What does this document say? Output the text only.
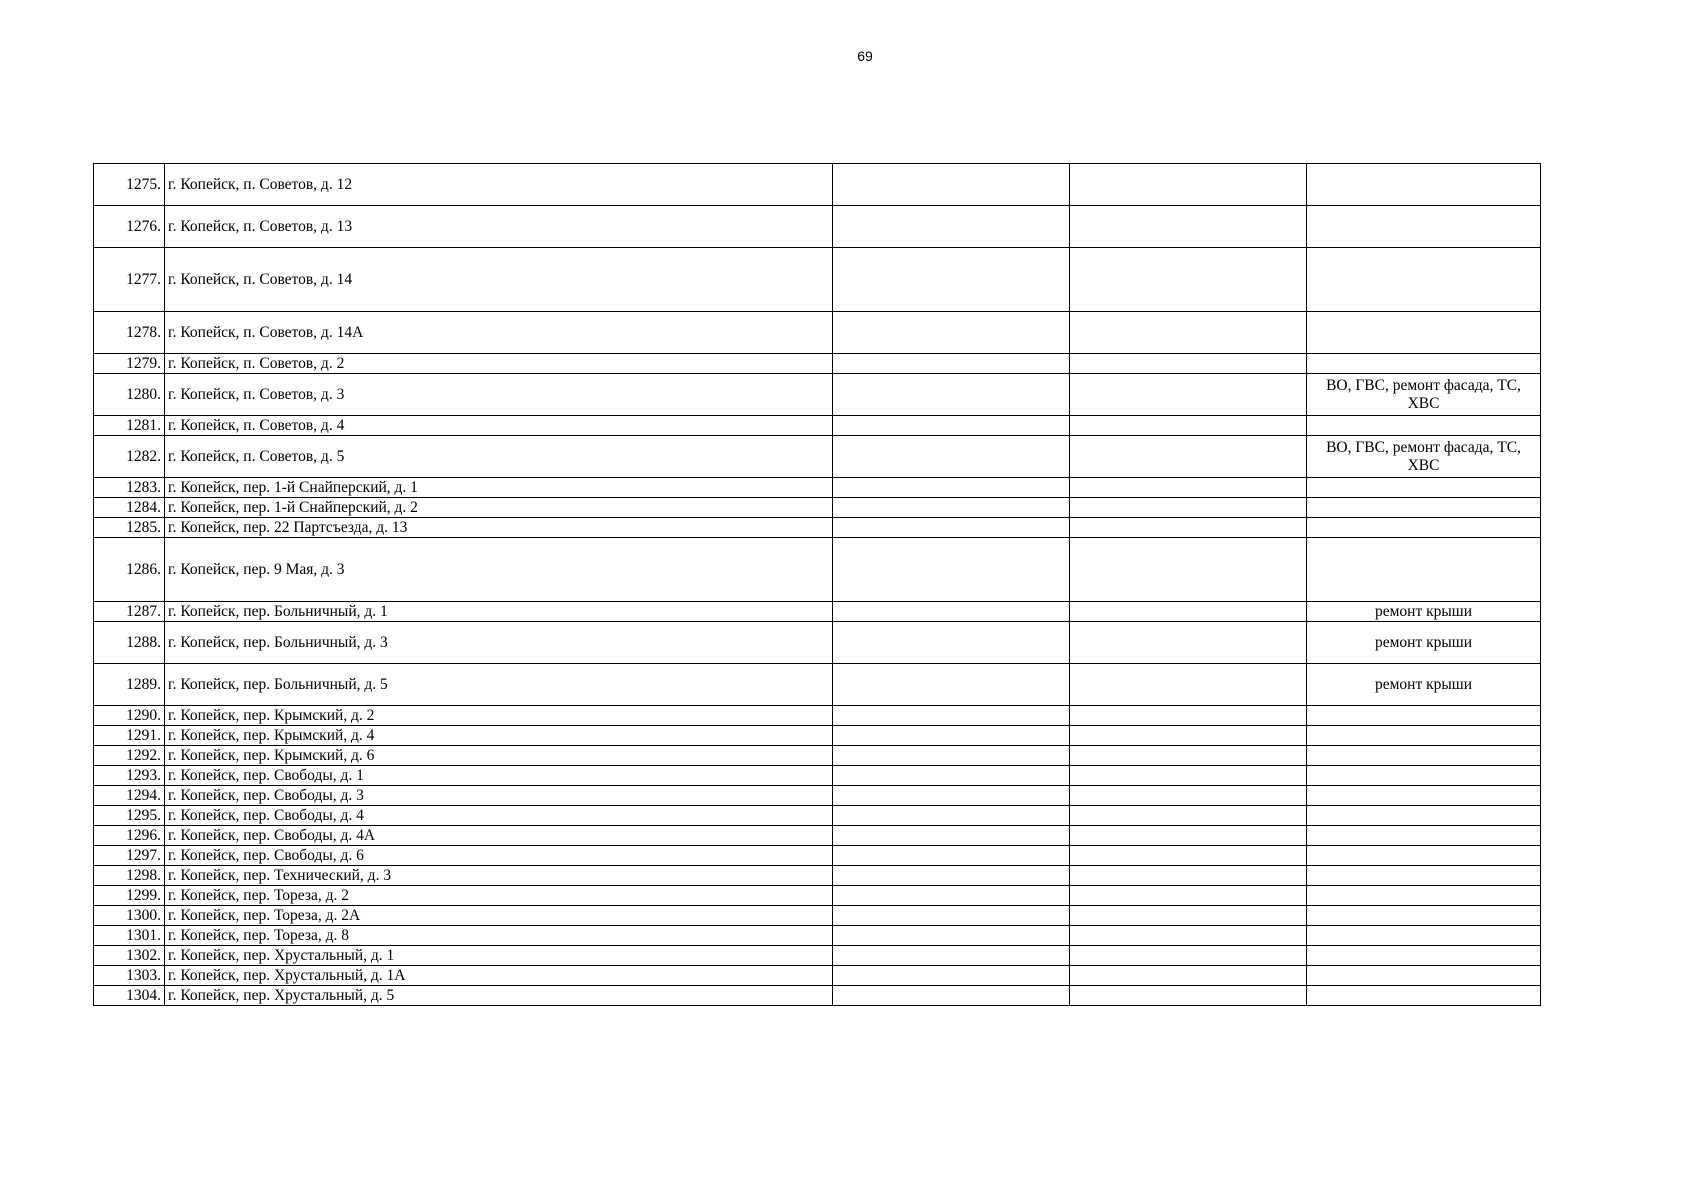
69
1275.	г. Копейск, п. Советов, д. 12			
1276.	г. Копейск, п. Советов, д. 13			
1277.	г. Копейск, п. Советов, д. 14			
1278.	г. Копейск, п. Советов, д. 14А			
1279.	г. Копейск, п. Советов, д. 2			
1280.	г. Копейск, п. Советов, д. 3			ВО, ГВС, ремонт фасада, ТС, ХВС
1281.	г. Копейск, п. Советов, д. 4			
1282.	г. Копейск, п. Советов, д. 5			ВО, ГВС, ремонт фасада, ТС, ХВС
1283.	г. Копейск, пер. 1-й Снайперский, д. 1			
1284.	г. Копейск, пер. 1-й Снайперский, д. 2			
1285.	г. Копейск, пер. 22 Партсъезда, д. 13			
1286.	г. Копейск, пер. 9 Мая, д. 3			
1287.	г. Копейск, пер. Больничный, д. 1			ремонт крыши
1288.	г. Копейск, пер. Больничный, д. 3			ремонт крыши
1289.	г. Копейск, пер. Больничный, д. 5			ремонт крыши
1290.	г. Копейск, пер. Крымский, д. 2			
1291.	г. Копейск, пер. Крымский, д. 4			
1292.	г. Копейск, пер. Крымский, д. 6			
1293.	г. Копейск, пер. Свободы, д. 1			
1294.	г. Копейск, пер. Свободы, д. 3			
1295.	г. Копейск, пер. Свободы, д. 4			
1296.	г. Копейск, пер. Свободы, д. 4А			
1297.	г. Копейск, пер. Свободы, д. 6			
1298.	г. Копейск, пер. Технический, д. 3			
1299.	г. Копейск, пер. Тореза, д. 2			
1300.	г. Копейск, пер. Тореза, д. 2А			
1301.	г. Копейск, пер. Тореза, д. 8			
1302.	г. Копейск, пер. Хрустальный, д. 1			
1303.	г. Копейск, пер. Хрустальный, д. 1А			
1304.	г. Копейск, пер. Хрустальный, д. 5			
